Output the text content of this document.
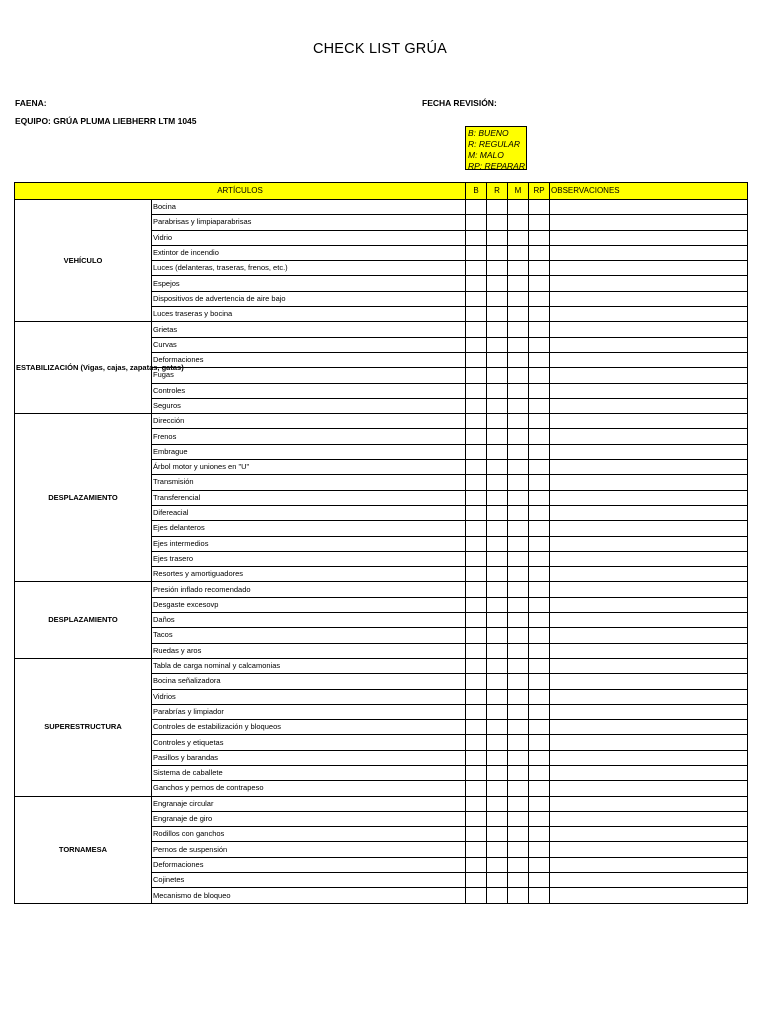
CHECK LIST GRÚA
FAENA:	FECHA REVISIÓN:
EQUIPO: GRÚA PLUMA LIEBHERR LTM 1045
B: BUENO
R: REGULAR
M: MALO
RP: REPARAR
ARTÍCULOS		B	R	M	RP	OBSERVACIONES
VEHÍCULO	Bocina					
	Parabrisas y limpiaparabrisas					
	Vidrio					
	Extintor de incendio					
	Luces (delanteras, traseras, frenos, etc.)					
	Espejos					
	Dispositivos de advertencia de aire bajo					
	Luces traseras y bocina					
ESTABILIZACIÓN (Vigas, cajas, zapatas, gatas)	Grietas					
	Curvas					
	Deformaciones					
	Fugas					
	Controles					
	Seguros					
DESPLAZAMIENTO	Dirección					
	Frenos					
	Embrague					
	Árbol motor y uniones en "U"					
	Transmisión					
	Transferencial					
	Difereacial					
	Ejes delanteros					
	Ejes intermedios					
	Ejes trasero					
	Resortes y amortiguadores					
DESPLAZAMIENTO	Presión inflado recomendado					
	Desgaste excesovp					
	Daños					
	Tacos					
	Ruedas y aros					
SUPERESTRUCTURA	Tabla de carga nominal y calcamonias					
	Bocina señalizadora					
	Vidrios					
	Parabrías y limpiador					
	Controles de estabilización y bloqueos					
	Controles y etiquetas					
	Pasillos y barandas					
	Sistema de caballete					
	Ganchos y pernos de contrapeso					
TORNAMESA	Engranaje circular					
	Engranaje de giro					
	Rodillos con ganchos					
	Pernos de suspensión					
	Deformaciones					
	Cojinetes					
	Mecanismo de bloqueo					
